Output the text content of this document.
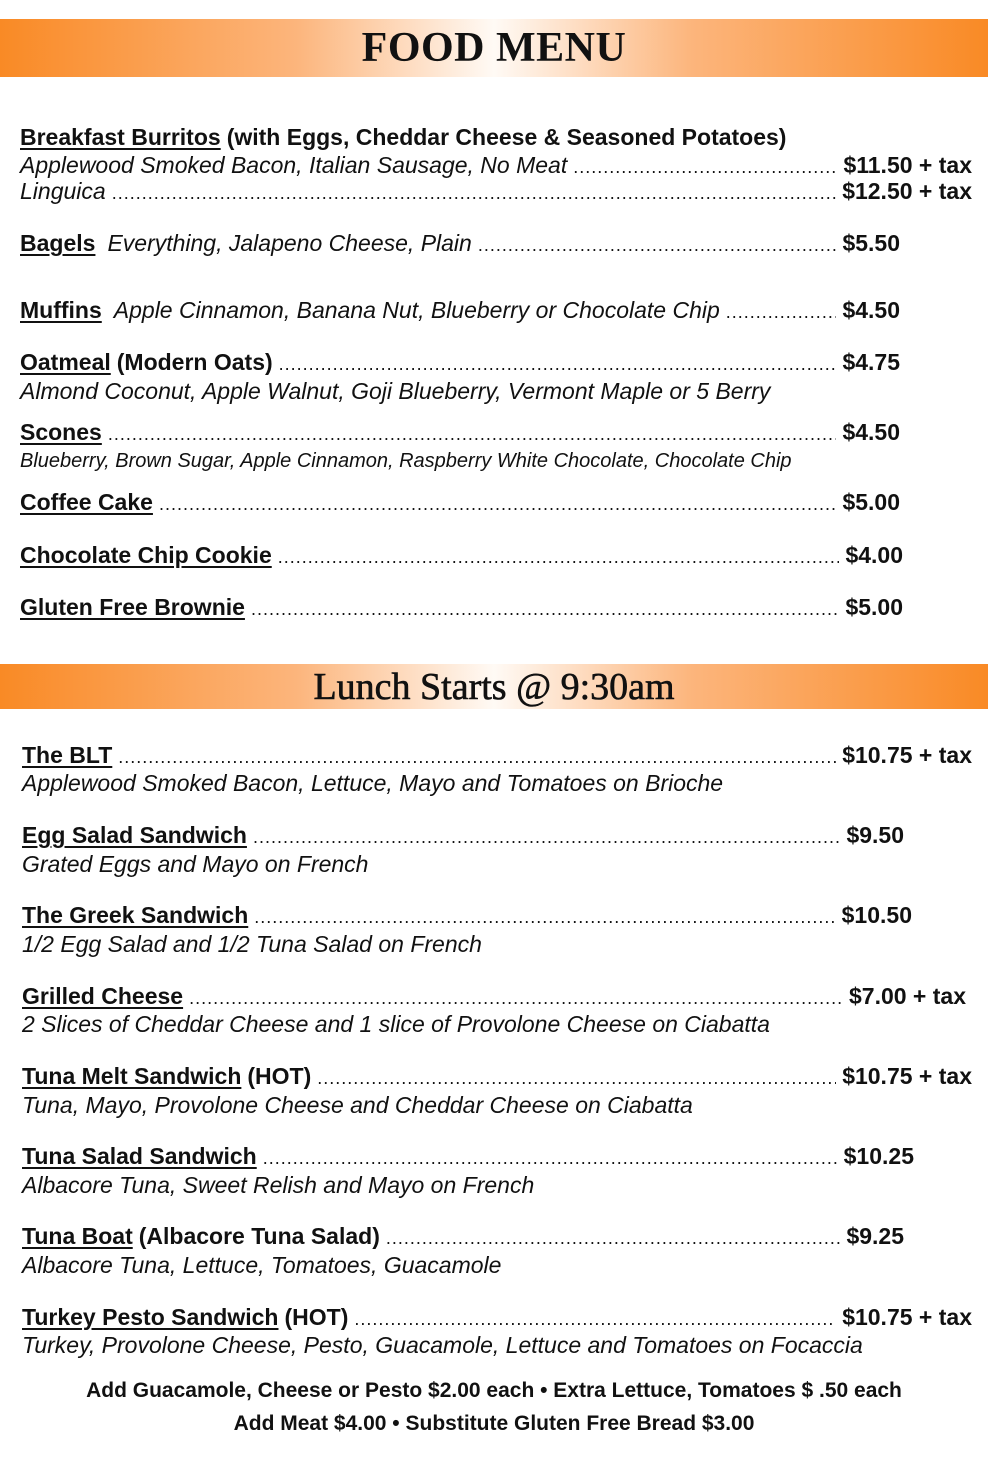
FOOD MENU
Breakfast Burritos (with Eggs, Cheddar Cheese & Seasoned Potatoes)
Applewood Smoked Bacon, Italian Sausage, No Meat .....	$11.50 + tax
Linguica .....	$12.50 + tax
Bagels Everything, Jalapeno Cheese, Plain .....	$5.50
Muffins Apple Cinnamon, Banana Nut, Blueberry or Chocolate Chip .....	$4.50
Oatmeal (Modern Oats) .....	$4.75
Almond Coconut, Apple Walnut, Goji Blueberry, Vermont Maple or 5 Berry
Scones .....	$4.50
Blueberry, Brown Sugar, Apple Cinnamon, Raspberry White Chocolate, Chocolate Chip
Coffee Cake .....	$5.00
Chocolate Chip Cookie .....	$4.00
Gluten Free Brownie .....	$5.00
Lunch Starts @ 9:30am
The BLT .....	$10.75 + tax
Applewood Smoked Bacon, Lettuce, Mayo and Tomatoes on Brioche
Egg Salad Sandwich .....	$9.50
Grated Eggs and Mayo on French
The Greek Sandwich .....	$10.50
1/2 Egg Salad and 1/2 Tuna Salad on French
Grilled Cheese .....	$7.00 + tax
2 Slices of Cheddar Cheese and 1 slice of Provolone Cheese on Ciabatta
Tuna Melt Sandwich (HOT) .....	$10.75 + tax
Tuna, Mayo, Provolone Cheese and Cheddar Cheese on Ciabatta
Tuna Salad Sandwich .....	$10.25
Albacore Tuna, Sweet Relish and Mayo on French
Tuna Boat (Albacore Tuna Salad) .....	$9.25
Albacore Tuna, Lettuce, Tomatoes, Guacamole
Turkey Pesto Sandwich (HOT) .....	$10.75 + tax
Turkey, Provolone Cheese, Pesto, Guacamole, Lettuce and Tomatoes on Focaccia
Add Guacamole, Cheese or Pesto $2.00 each • Extra Lettuce, Tomatoes $ .50 each
Add Meat $4.00 • Substitute Gluten Free Bread $3.00
